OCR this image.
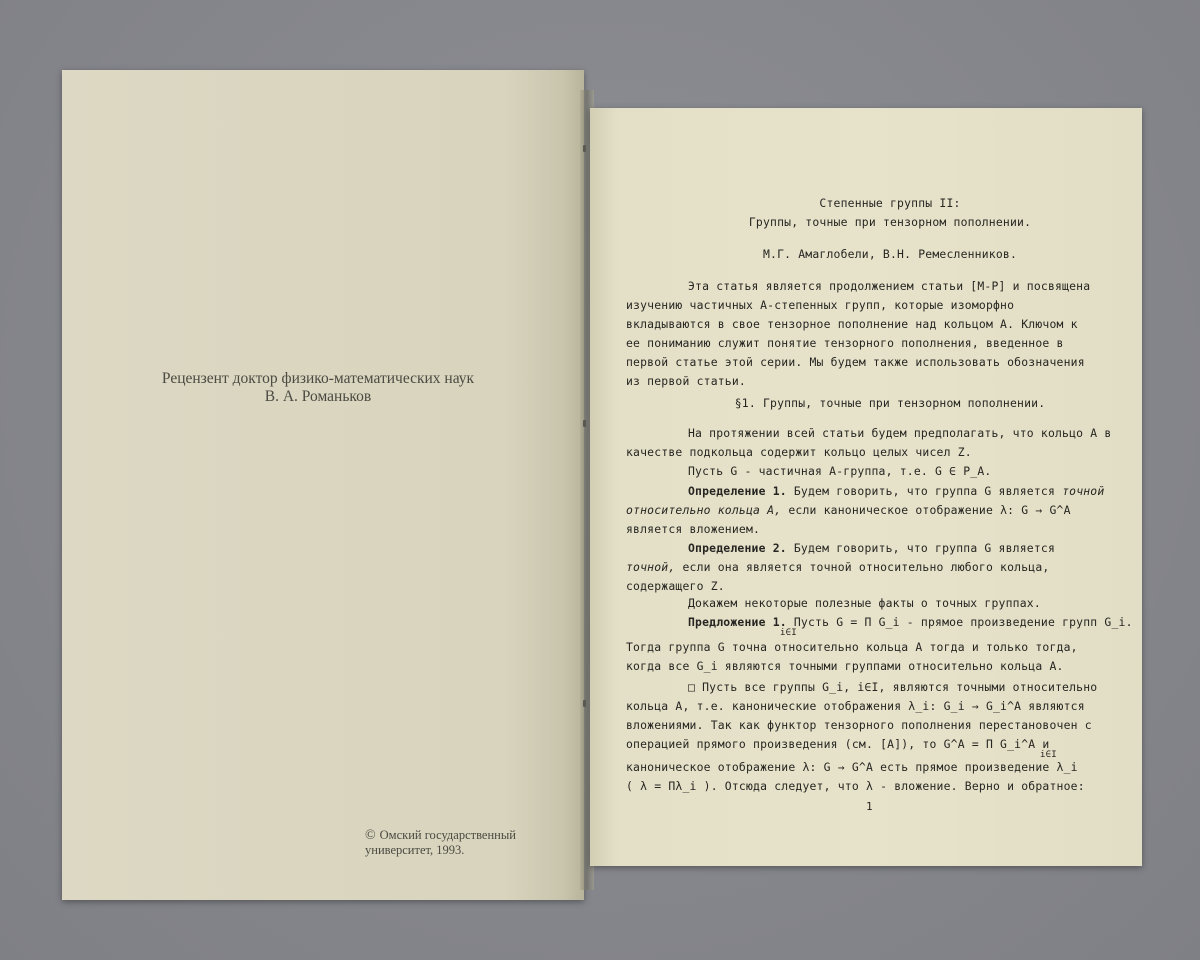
Рецензент доктор физико-математических наук
В. А. Романьков
© Омский государственный
университет, 1993.
Степенные группы II:
Группы, точные при тензорном пополнении.
М.Г. Амаглобели, В.Н. Ремесленников.
Эта статья является продолжением статьи [М-Р] и посвящена
изучению частичных А-степенных групп, которые изоморфно
вкладываются в свое тензорное пополнение над кольцом А. Ключом к
ее пониманию служит понятие тензорного пополнения, введенное в
первой статье этой серии. Мы будем также использовать обозначения
из первой статьи.
§1. Группы, точные при тензорном пополнении.
На протяжении всей статьи будем предполагать, что кольцо А в
качестве подкольца содержит кольцо целых чисел Z.
Пусть G - частичная А-группа, т.е. G ∈ P_A.
Определение 1. Будем говорить, что группа G является точной
относительно кольца А, если каноническое отображение λ: G → G^A
является вложением.
Определение 2. Будем говорить, что группа G является
точной, если она является точной относительно любого кольца,
содержащего Z.
Докажем некоторые полезные факты о точных группах.
Предложение 1. Пусть G = П G_i - прямое произведение групп G_i.
i∈I
Тогда группа G точна относительно кольца А тогда и только тогда,
когда все G_i являются точными группами относительно кольца А.
□ Пусть все группы G_i, i∈I, являются точными относительно
кольца А, т.е. канонические отображения λ_i: G_i → G_i^A являются
вложениями. Так как функтор тензорного пополнения перестановочен с
операцией прямого произведения (см. [А]), то G^A = П G_i^A и
i∈I
каноническое отображение λ: G → G^A есть прямое произведение λ_i
( λ = Пλ_i ). Отсюда следует, что λ - вложение. Верно и обратное:
1
